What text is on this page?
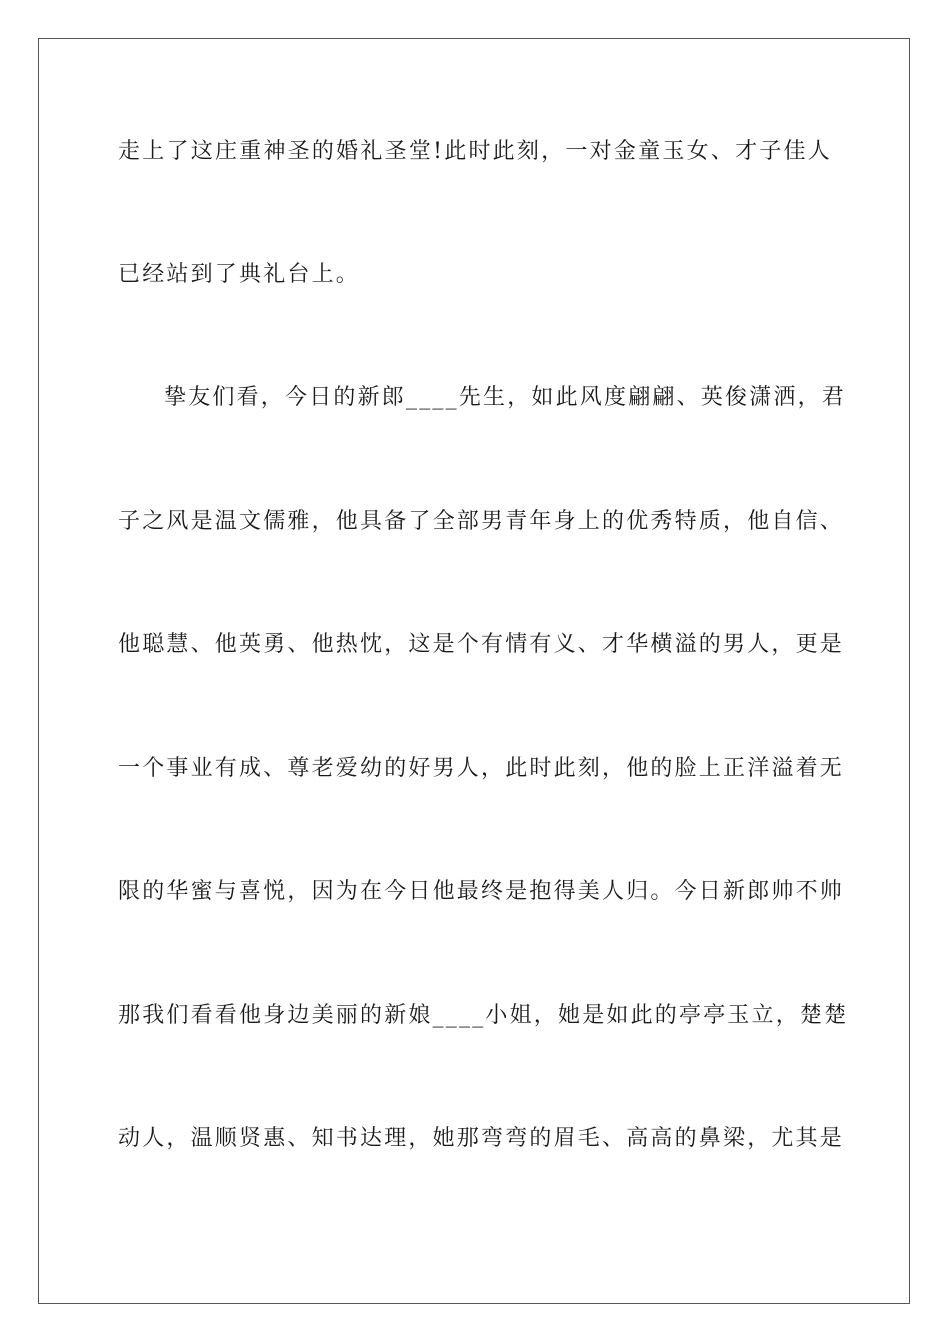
走上了这庄重神圣的婚礼圣堂!此时此刻，一对金童玉女、才子佳人
已经站到了典礼台上。
挚友们看，今日的新郎____先生，如此风度翩翩、英俊潇洒，君
子之风是温文儒雅，他具备了全部男青年身上的优秀特质，他自信、
他聪慧、他英勇、他热忱，这是个有情有义、才华横溢的男人，更是
一个事业有成、尊老爱幼的好男人，此时此刻，他的脸上正洋溢着无
限的华蜜与喜悦，因为在今日他最终是抱得美人归。今日新郎帅不帅
那我们看看他身边美丽的新娘____小姐，她是如此的亭亭玉立，楚楚
动人，温顺贤惠、知书达理，她那弯弯的眉毛、高高的鼻梁，尤其是
